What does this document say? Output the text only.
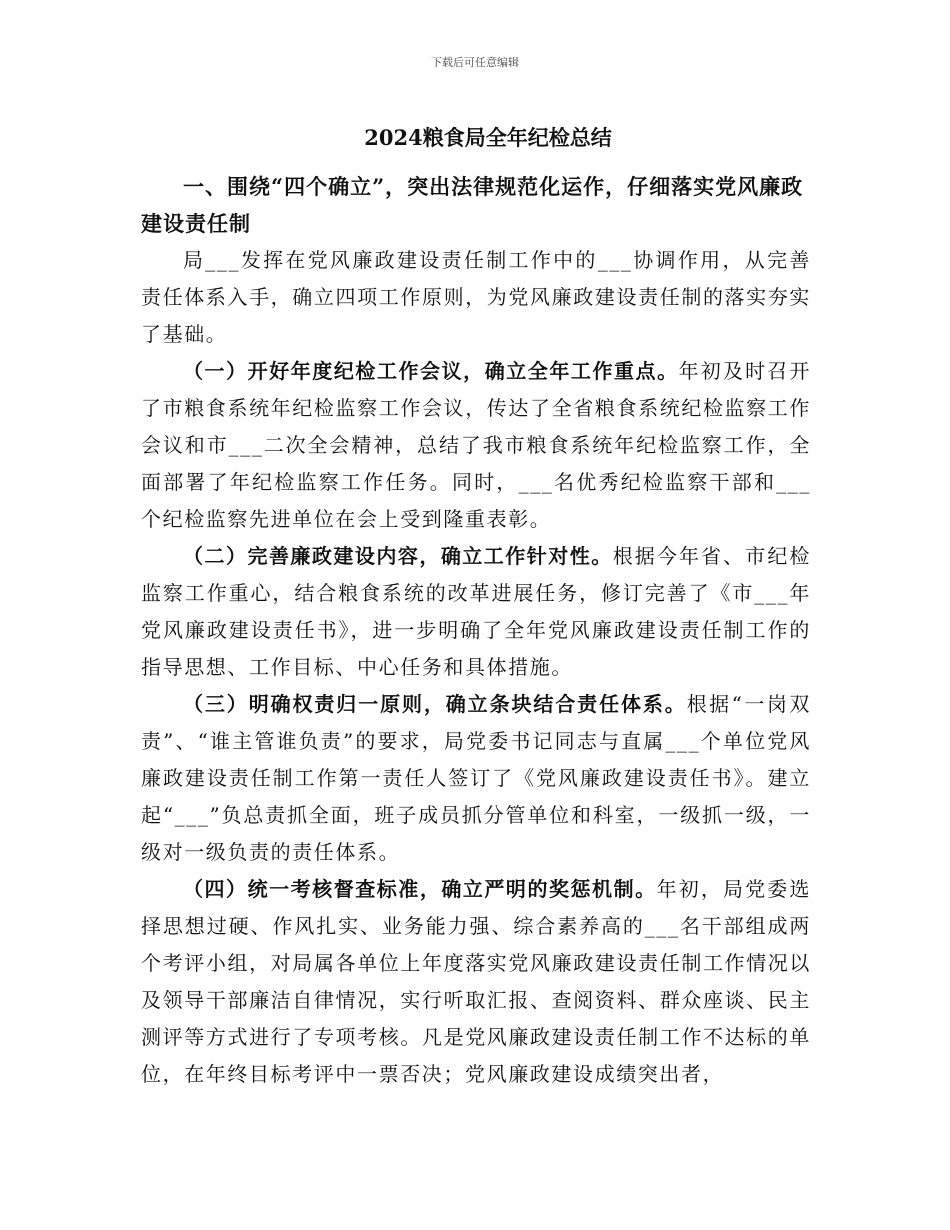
下载后可任意编辑
2024粮食局全年纪检总结
一、围绕“四个确立”，突出法律规范化运作，仔细落实党风廉政建设责任制

局___发挥在党风廉政建设责任制工作中的___协调作用，从完善责任体系入手，确立四项工作原则，为党风廉政建设责任制的落实夯实了基础。

（一）开好年度纪检工作会议，确立全年工作重点。年初及时召开了市粮食系统年纪检监察工作会议，传达了全省粮食系统纪检监察工作会议和市___二次全会精神，总结了我市粮食系统年纪检监察工作，全面部署了年纪检监察工作任务。同时，___名优秀纪检监察干部和___个纪检监察先进单位在会上受到隆重表彰。

（二）完善廉政建设内容，确立工作针对性。根据今年省、市纪检监察工作重心，结合粮食系统的改革进展任务，修订完善了《市___年党风廉政建设责任书》，进一步明确了全年党风廉政建设责任制工作的指导思想、工作目标、中心任务和具体措施。

（三）明确权责归一原则，确立条块结合责任体系。根据“一岗双责”、“谁主管谁负责”的要求，局党委书记同志与直属___个单位党风廉政建设责任制工作第一责任人签订了《党风廉政建设责任书》。建立起“___”负总责抓全面，班子成员抓分管单位和科室，一级抓一级，一级对一级负责的责任体系。

（四）统一考核督查标准，确立严明的奖惩机制。年初，局党委选择思想过硬、作风扎实、业务能力强、综合素养高的___名干部组成两个考评小组，对局属各单位上年度落实党风廉政建设责任制工作情况以及领导干部廉洁自律情况，实行听取汇报、查阅资料、群众座谈、民主测评等方式进行了专项考核。凡是党风廉政建设责任制工作不达标的单位，在年终目标考评中一票否决；党风廉政建设成绩突出者，
